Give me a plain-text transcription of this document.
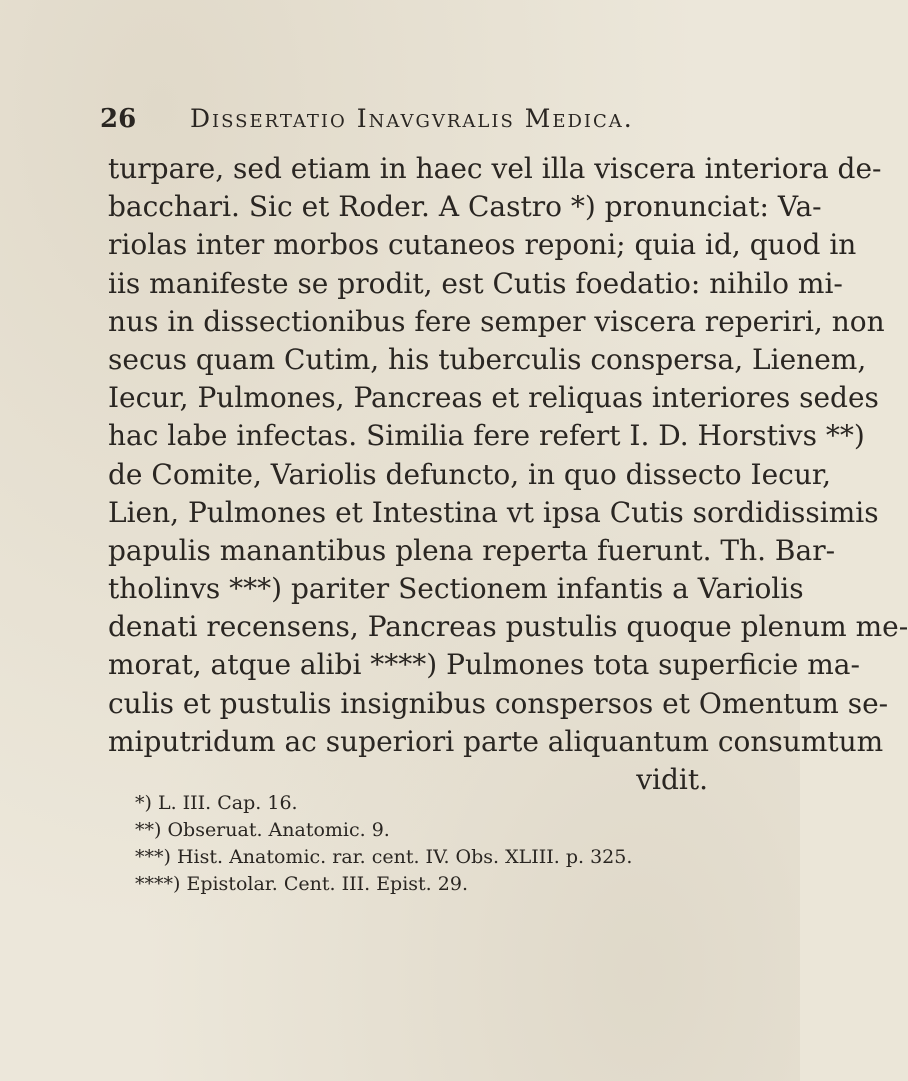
26 Dissertatio Inavgvralis Medica.
turpare, sed etiam in haec vel illa viscera interiora de-
bacchari. Sic et Roder. A Castro *) pronunciat: Va-
riolas inter morbos cutaneos reponi; quia id, quod in
iis manifeste se prodit, est Cutis foedatio: nihilo mi-
nus in dissectionibus fere semper viscera reperiri, non
secus quam Cutim, his tuberculis conspersa, Lienem,
Iecur, Pulmones, Pancreas et reliquas interiores sedes
hac labe infectas. Similia fere refert I. D. Horstivs **)
de Comite, Variolis defuncto, in quo dissecto Iecur,
Lien, Pulmones et Intestina vt ipsa Cutis sordidissimis
papulis manantibus plena reperta fuerunt. Th. Bar-
tholinvs ***) pariter Sectionem infantis a Variolis
denati recensens, Pancreas pustulis quoque plenum me-
morat, atque alibi ****) Pulmones tota superficie ma-
culis et pustulis insignibus conspersos et Omentum se-
miputridum ac superiori parte aliquantum consumtum
vidit.
*) L. III. Cap. 16.
**) Obseruat. Anatomic. 9.
***) Hist. Anatomic. rar. cent. IV. Obs. XLIII. p. 325.
****) Epistolar. Cent. III. Epist. 29.
